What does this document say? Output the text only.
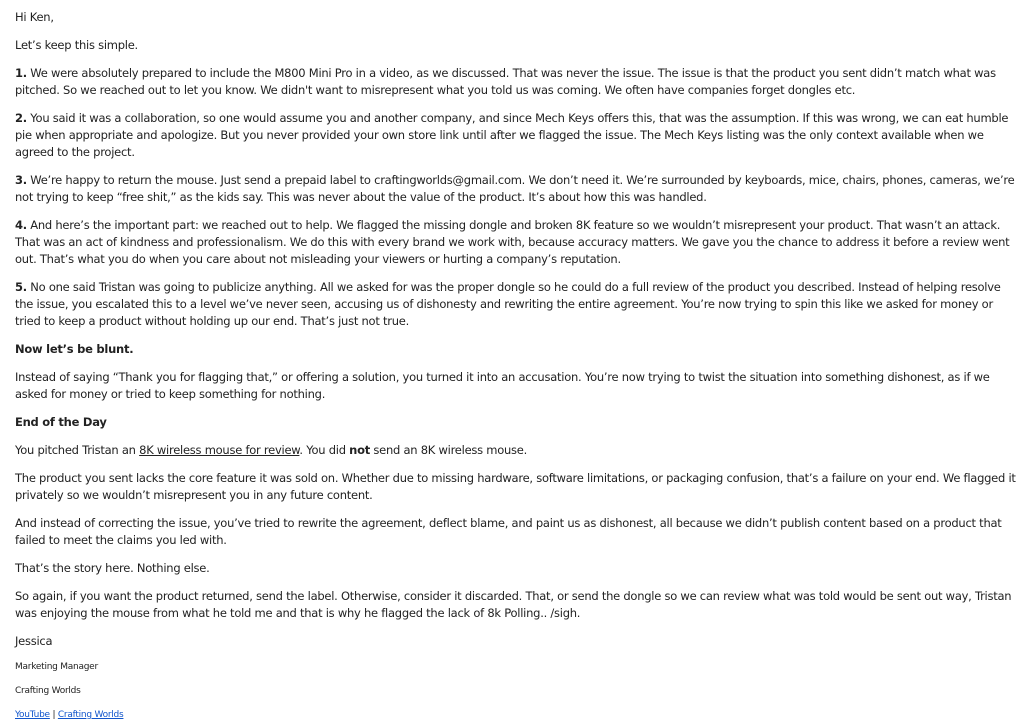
Hi Ken,

Let’s keep this simple.

1. We were absolutely prepared to include the M800 Mini Pro in a video, as we discussed. That was never the issue. The issue is that the product you sent didn’t match what was pitched. So we reached out to let you know. We didn't want to misrepresent what you told us was coming. We often have companies forget dongles etc.

2. You said it was a collaboration, so one would assume you and another company, and since Mech Keys offers this, that was the assumption. If this was wrong, we can eat humble pie when appropriate and apologize. But you never provided your own store link until after we flagged the issue. The Mech Keys listing was the only context available when we agreed to the project.

3. We’re happy to return the mouse. Just send a prepaid label to craftingworlds@gmail.com. We don’t need it. We’re surrounded by keyboards, mice, chairs, phones, cameras, we’re not trying to keep “free shit,” as the kids say. This was never about the value of the product. It’s about how this was handled.

4. And here’s the important part: we reached out to help. We flagged the missing dongle and broken 8K feature so we wouldn’t misrepresent your product. That wasn’t an attack. That was an act of kindness and professionalism. We do this with every brand we work with, because accuracy matters. We gave you the chance to address it before a review went out. That’s what you do when you care about not misleading your viewers or hurting a company’s reputation.

5. No one said Tristan was going to publicize anything. All we asked for was the proper dongle so he could do a full review of the product you described. Instead of helping resolve the issue, you escalated this to a level we’ve never seen, accusing us of dishonesty and rewriting the entire agreement. You’re now trying to spin this like we asked for money or tried to keep a product without holding up our end. That’s just not true.

Now let’s be blunt.

Instead of saying “Thank you for flagging that,” or offering a solution, you turned it into an accusation. You’re now trying to twist the situation into something dishonest, as if we asked for money or tried to keep something for nothing.

End of the Day

You pitched Tristan an 8K wireless mouse for review. You did not send an 8K wireless mouse.

The product you sent lacks the core feature it was sold on. Whether due to missing hardware, software limitations, or packaging confusion, that’s a failure on your end. We flagged it privately so we wouldn’t misrepresent you in any future content.

And instead of correcting the issue, you’ve tried to rewrite the agreement, deflect blame, and paint us as dishonest, all because we didn’t publish content based on a product that failed to meet the claims you led with.

That’s the story here. Nothing else.

So again, if you want the product returned, send the label. Otherwise, consider it discarded. That, or send the dongle so we can review what was told would be sent out way, Tristan was enjoying the mouse from what he told me and that is why he flagged the lack of 8k Polling.. /sigh.

Jessica

Marketing Manager

Crafting Worlds

YouTube | Crafting Worlds
